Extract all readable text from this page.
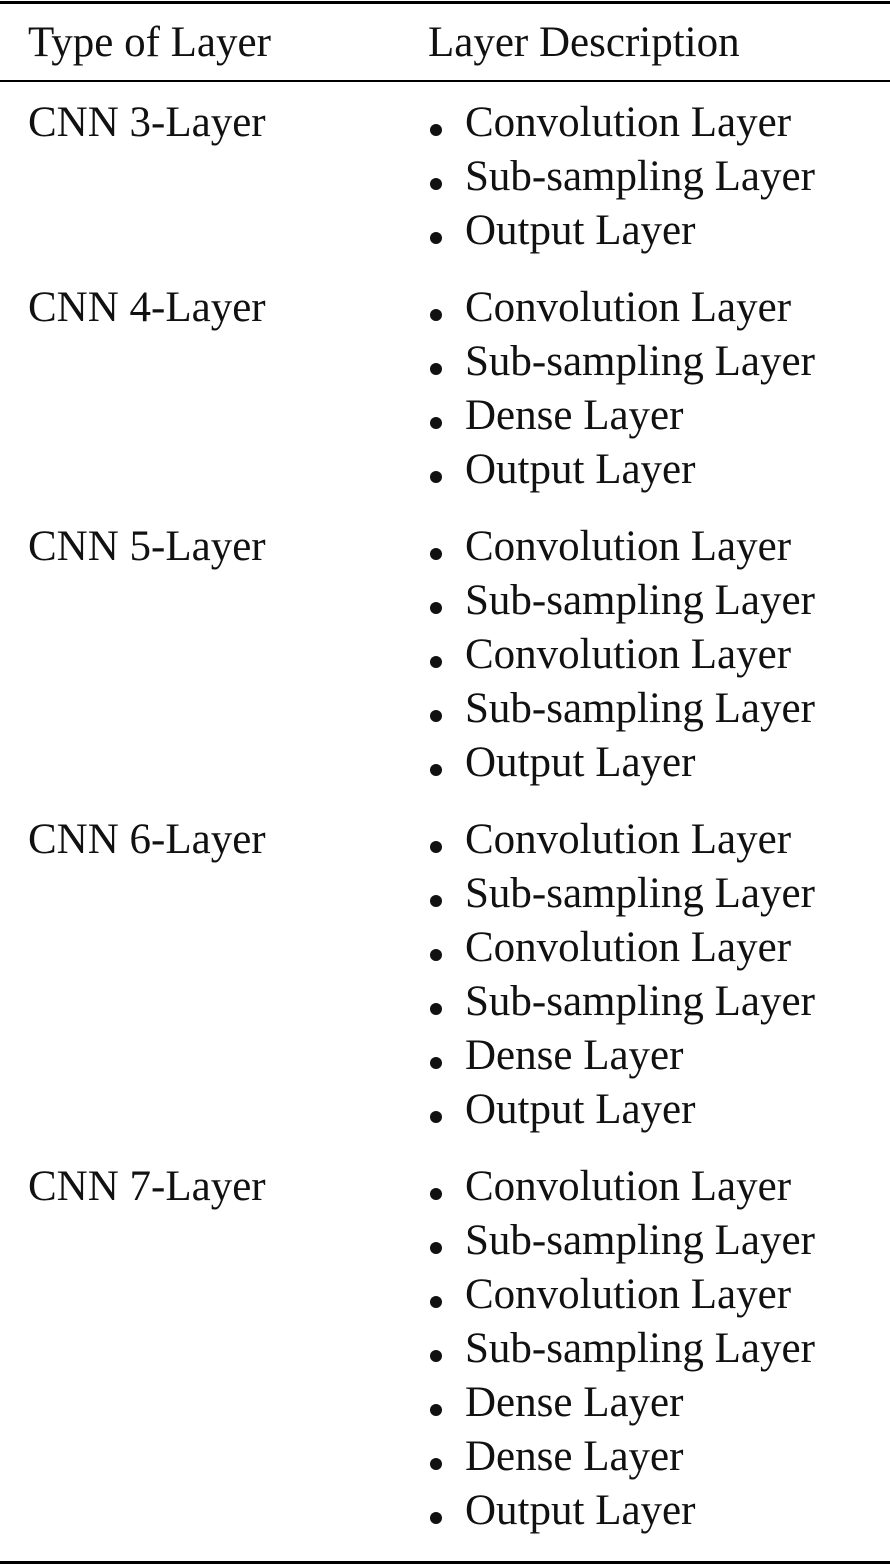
Type of Layer	Layer Description
CNN 3-Layer	Convolution Layer
Sub-sampling Layer
Output Layer
CNN 4-Layer	Convolution Layer
Sub-sampling Layer
Dense Layer
Output Layer
CNN 5-Layer	Convolution Layer
Sub-sampling Layer
Convolution Layer
Sub-sampling Layer
Output Layer
CNN 6-Layer	Convolution Layer
Sub-sampling Layer
Convolution Layer
Sub-sampling Layer
Dense Layer
Output Layer
CNN 7-Layer	Convolution Layer
Sub-sampling Layer
Convolution Layer
Sub-sampling Layer
Dense Layer
Dense Layer
Output Layer
